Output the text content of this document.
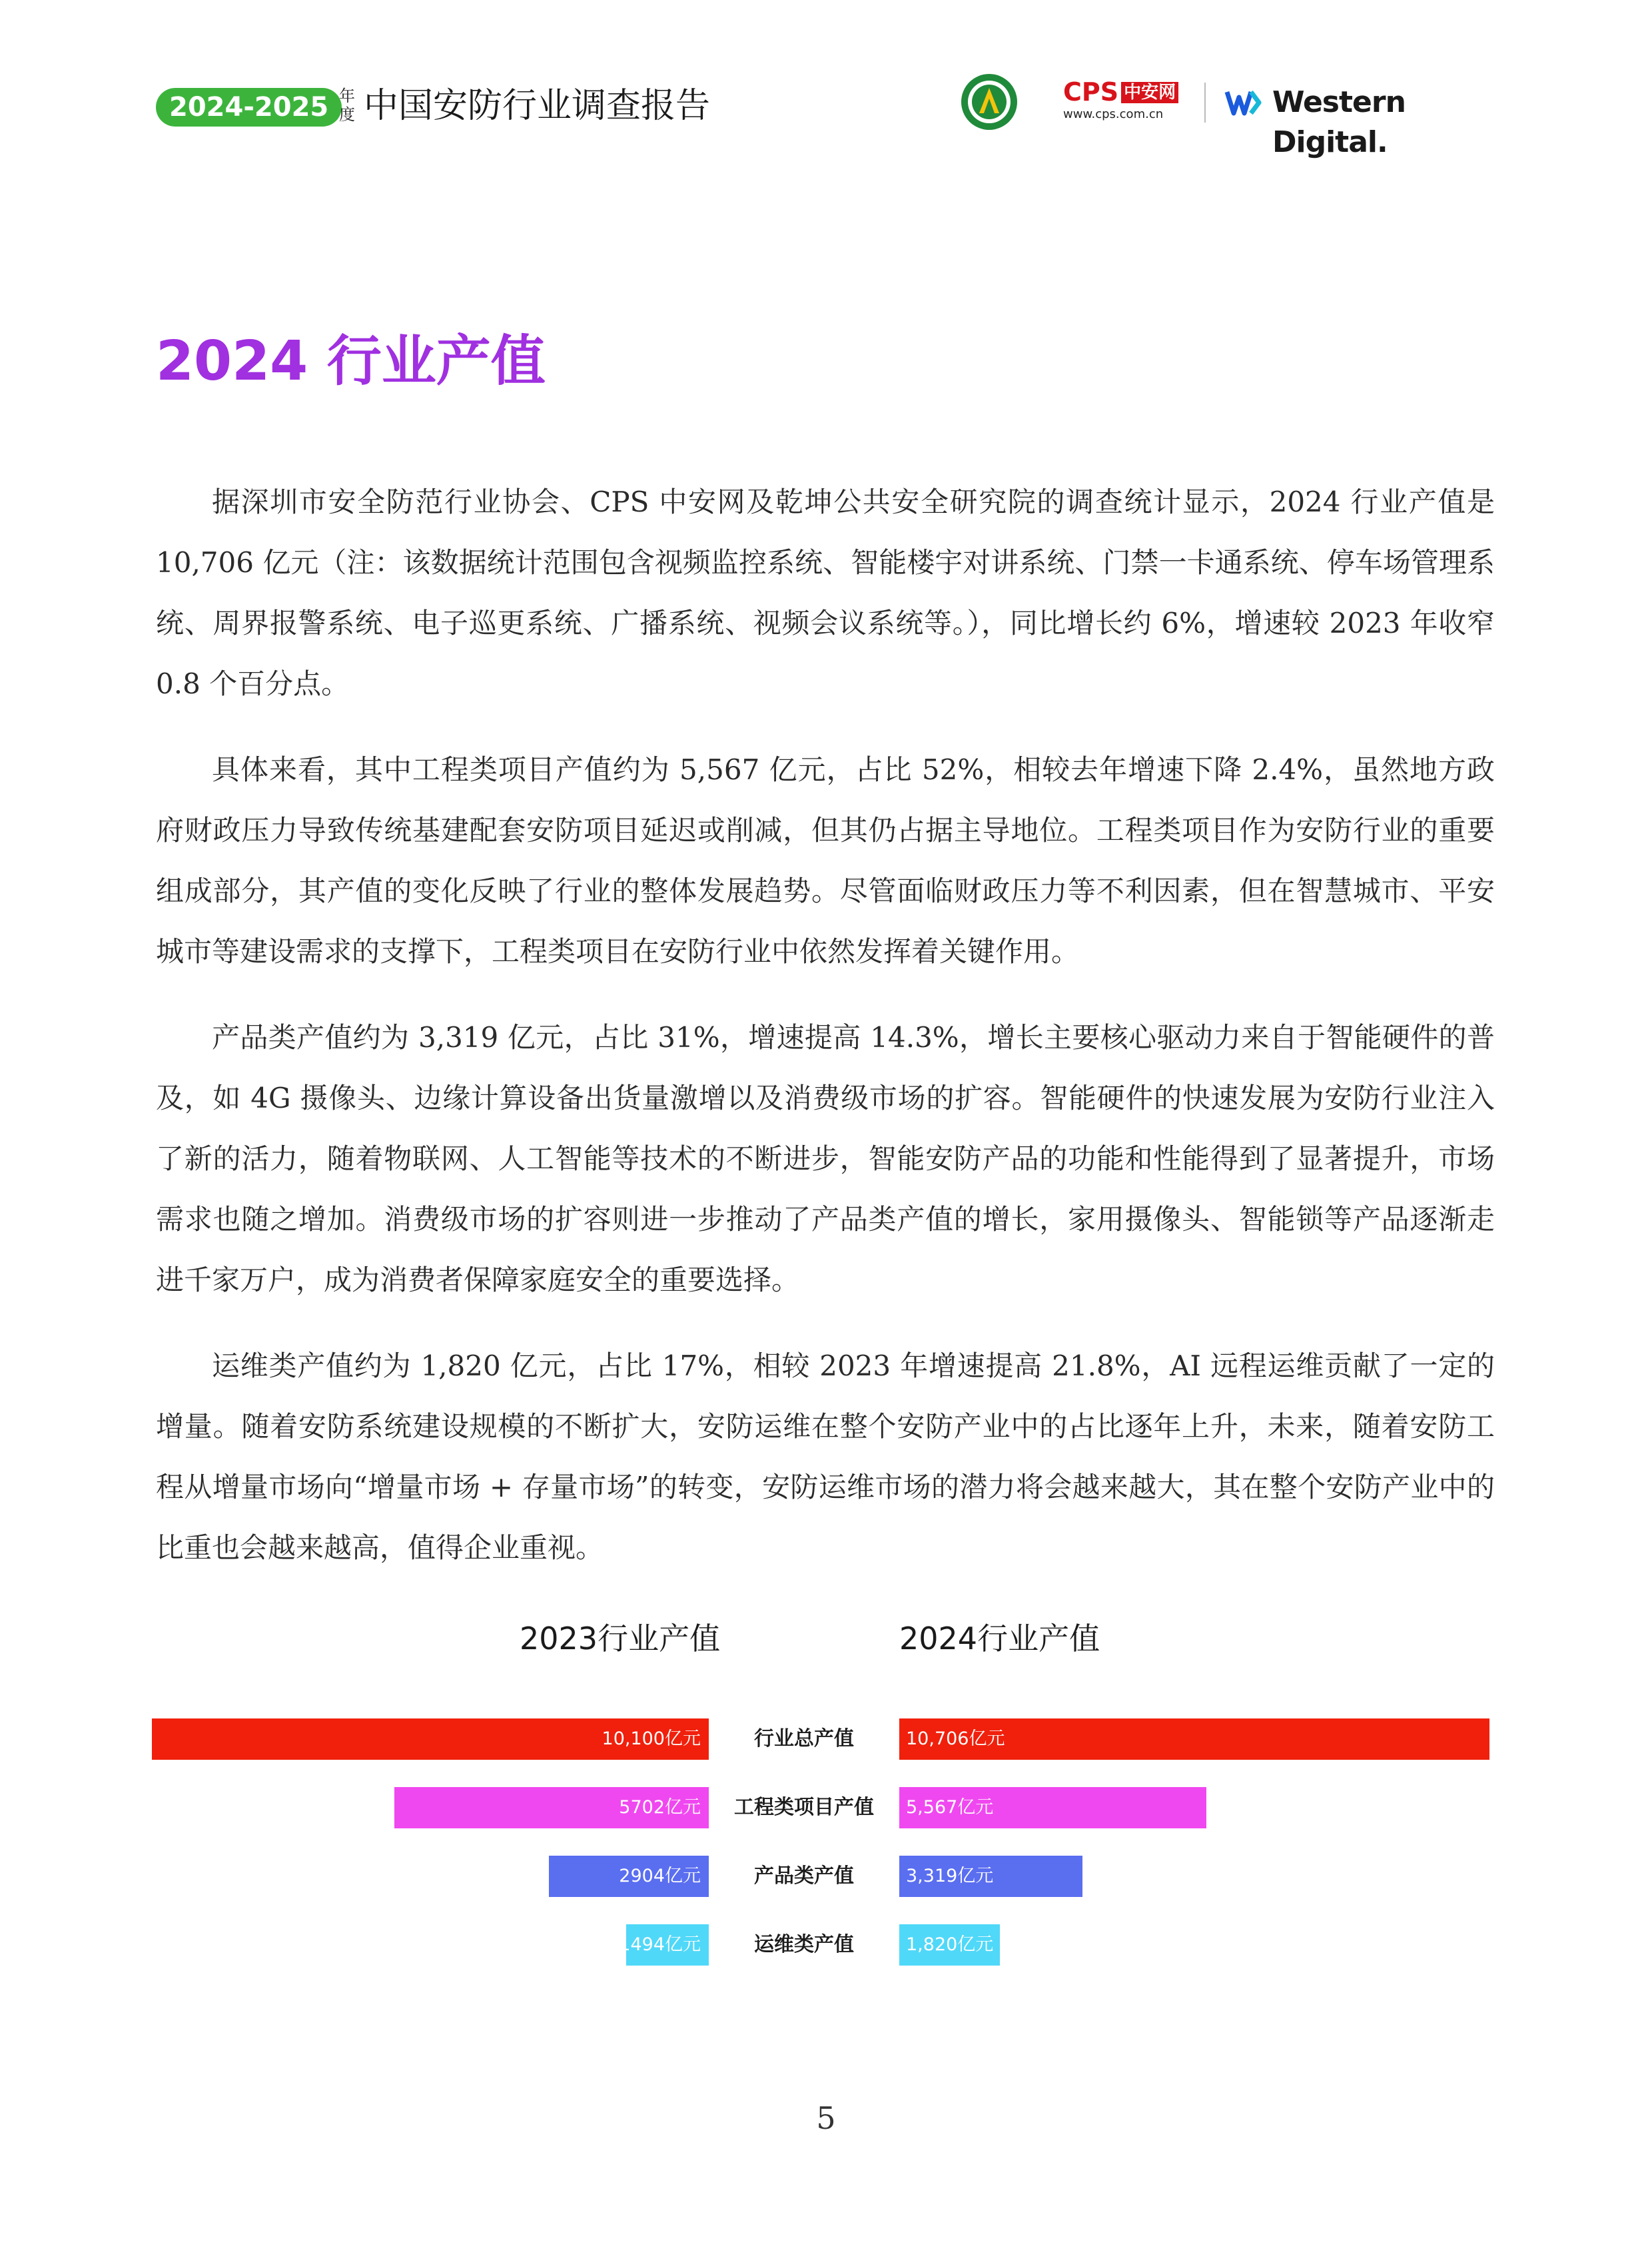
2024-2025 年度 中国安防行业调查报告	CPS 中安网
www.cps.com.cn	Western Digital.
2024 行业产值

据深圳市安全防范行业协会、CPS 中安网及乾坤公共安全研究院的调查统计显示，2024 行业产值是 10,706 亿元（注：该数据统计范围包含视频监控系统、智能楼宇对讲系统、门禁一卡通系统、停车场管理系统、周界报警系统、电子巡更系统、广播系统、视频会议系统等。），同比增长约 6%，增速较 2023 年收窄 0.8 个百分点。

具体来看，其中工程类项目产值约为 5,567 亿元，占比 52%，相较去年增速下降 2.4%，虽然地方政府财政压力导致传统基建配套安防项目延迟或削减，但其仍占据主导地位。工程类项目作为安防行业的重要组成部分，其产值的变化反映了行业的整体发展趋势。尽管面临财政压力等不利因素，但在智慧城市、平安城市等建设需求的支撑下，工程类项目在安防行业中依然发挥着关键作用。

产品类产值约为 3,319 亿元，占比 31%，增速提高 14.3%，增长主要核心驱动力来自于智能硬件的普及，如 4G 摄像头、边缘计算设备出货量激增以及消费级市场的扩容。智能硬件的快速发展为安防行业注入了新的活力，随着物联网、人工智能等技术的不断进步，智能安防产品的功能和性能得到了显著提升，市场需求也随之增加。消费级市场的扩容则进一步推动了产品类产值的增长，家用摄像头、智能锁等产品逐渐走进千家万户，成为消费者保障家庭安全的重要选择。

运维类产值约为 1,820 亿元，占比 17%，相较 2023 年增速提高 21.8%，AI 远程运维贡献了一定的增量。随着安防系统建设规模的不断扩大，安防运维在整个安防产业中的占比逐年上升，未来，随着安防工程从增量市场向“增量市场 + 存量市场”的转变，安防运维市场的潜力将会越来越大，其在整个安防产业中的比重也会越来越高，值得企业重视。

2023行业产值	2024行业产值
10,100亿元	行业总产值	10,706亿元
5702亿元	工程类项目产值	5,567亿元
2904亿元	产品类产值	3,319亿元
1494亿元	运维类产值	1,820亿元
5
